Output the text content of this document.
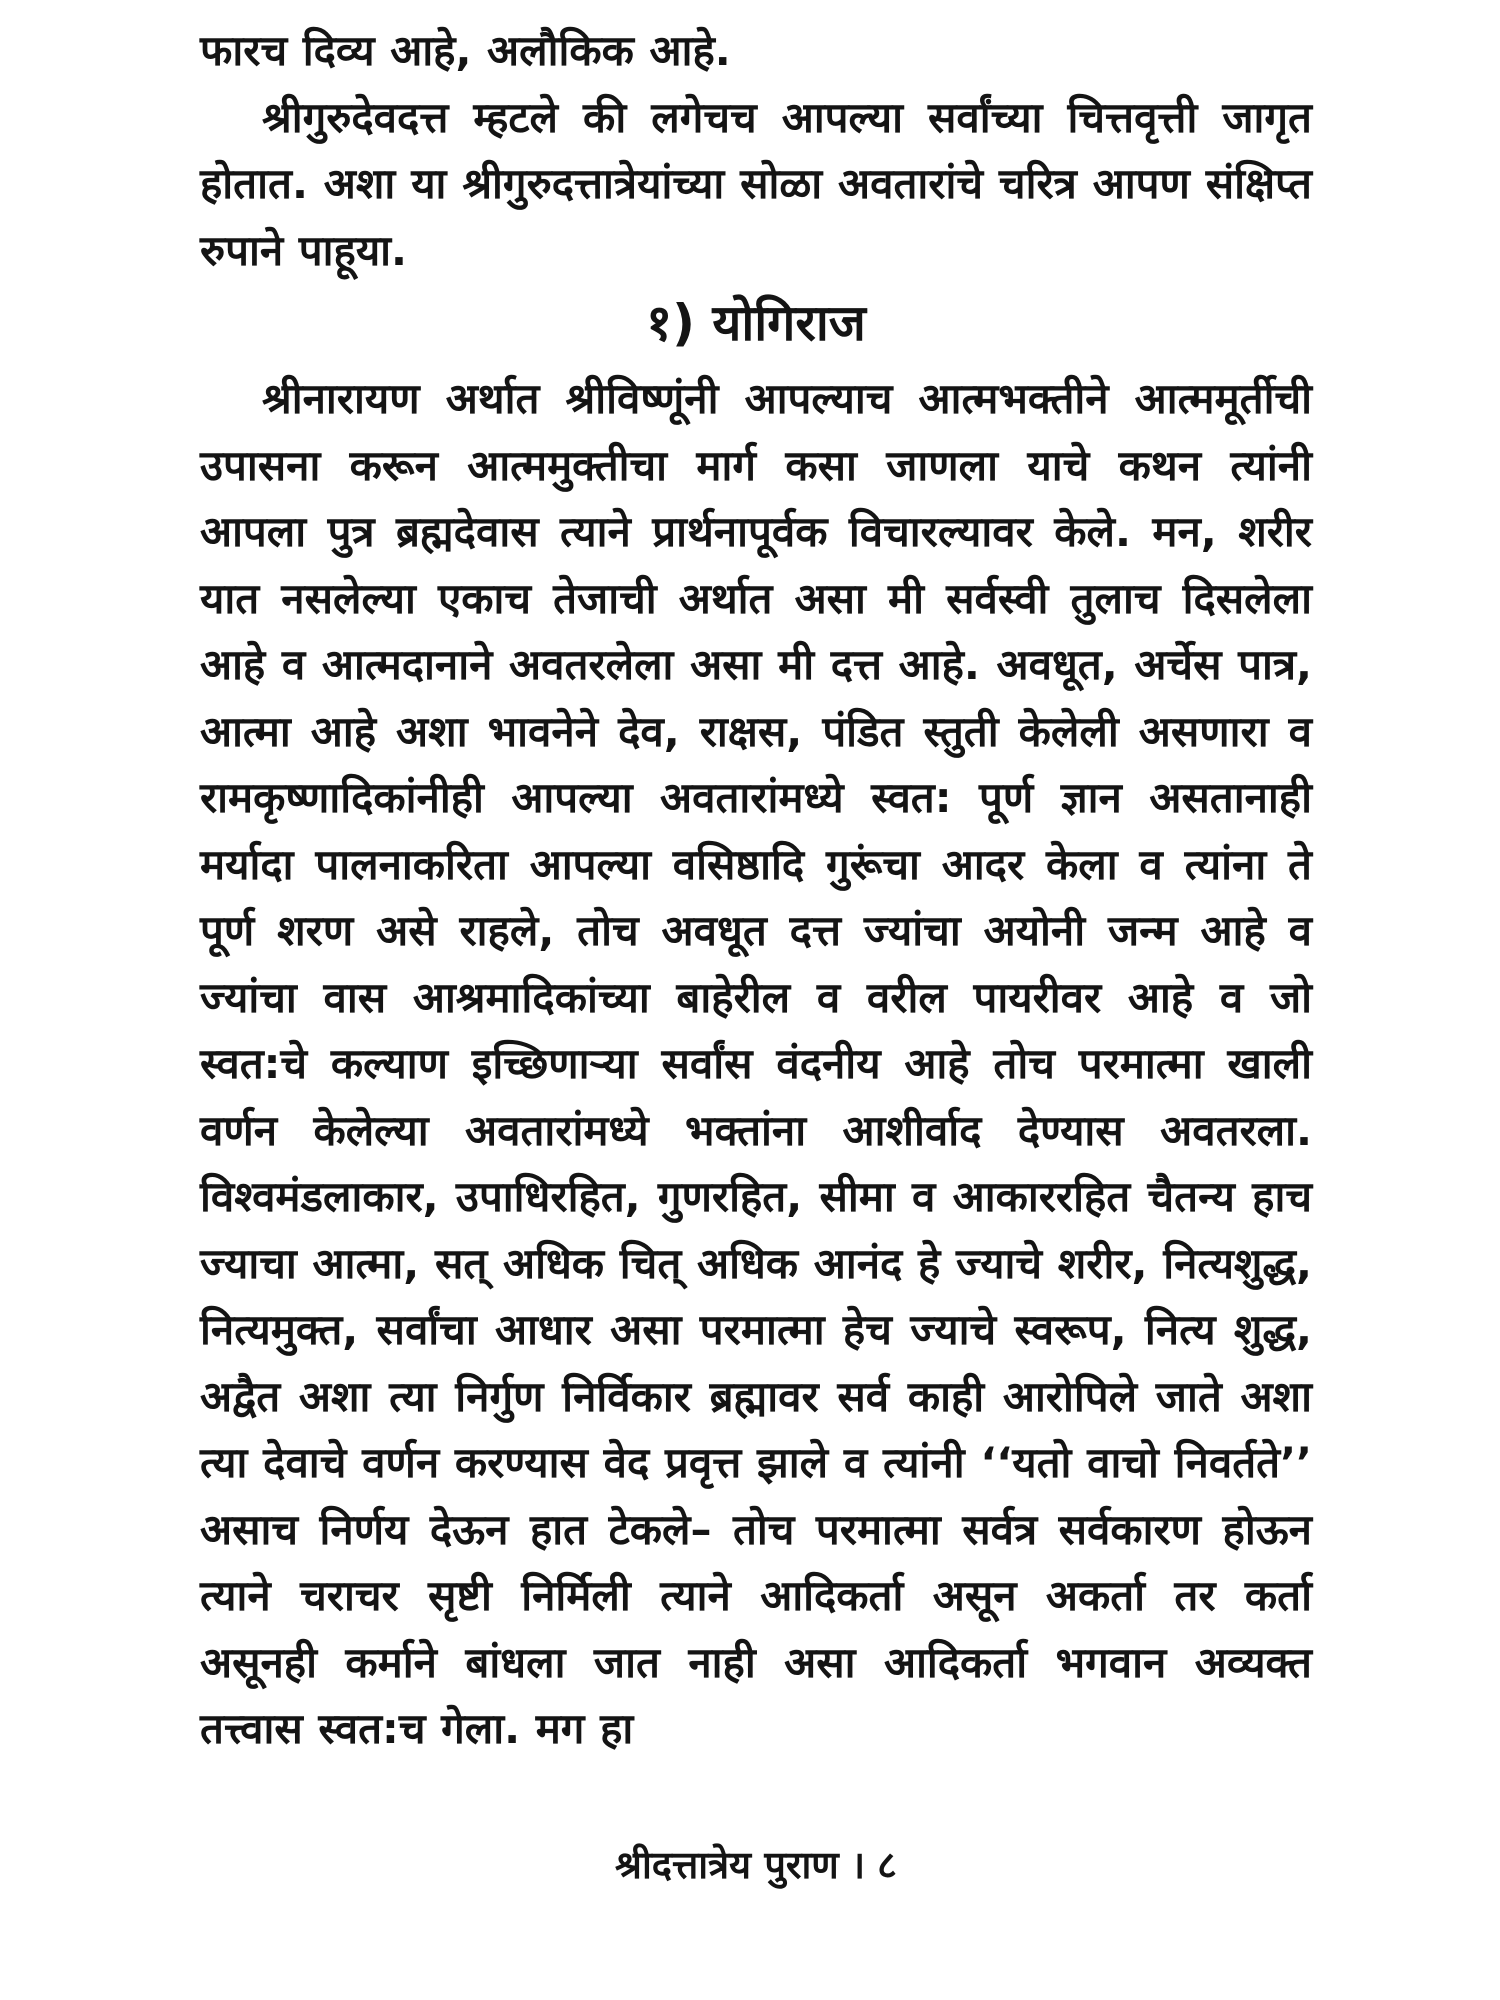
फारच दिव्य आहे, अलौकिक आहे.

श्रीगुरुदेवदत्त म्हटले की लगेचच आपल्या सर्वांच्या चित्तवृत्ती जागृत होतात. अशा या श्रीगुरुदत्तात्रेयांच्या सोळा अवतारांचे चरित्र आपण संक्षिप्त रुपाने पाहूया.

१) योगिराज

श्रीनारायण अर्थात श्रीविष्णूंनी आपल्याच आत्मभक्तीने आत्ममूर्तीची उपासना करून आत्ममुक्तीचा मार्ग कसा जाणला याचे कथन त्यांनी आपला पुत्र ब्रह्मदेवास त्याने प्रार्थनापूर्वक विचारल्यावर केले. मन, शरीर यात नसलेल्या एकाच तेजाची अर्थात असा मी सर्वस्वी तुलाच दिसलेला आहे व आत्मदानाने अवतरलेला असा मी दत्त आहे. अवधूत, अर्चेस पात्र, आत्मा आहे अशा भावनेने देव, राक्षस, पंडित स्तुती केलेली असणारा व रामकृष्णादिकांनीही आपल्या अवतारांमध्ये स्वत: पूर्ण ज्ञान असतानाही मर्यादा पालनाकरिता आपल्या वसिष्ठादि गुरूंचा आदर केला व त्यांना ते पूर्ण शरण असे राहले, तोच अवधूत दत्त ज्यांचा अयोनी जन्म आहे व ज्यांचा वास आश्रमादिकांच्या बाहेरील व वरील पायरीवर आहे व जो स्वत:चे कल्याण इच्छिणाऱ्या सर्वांस वंदनीय आहे तोच परमात्मा खाली वर्णन केलेल्या अवतारांमध्ये भक्तांना आशीर्वाद देण्यास अवतरला. विश्वमंडलाकार, उपाधिरहित, गुणरहित, सीमा व आकाररहित चैतन्य हाच ज्याचा आत्मा, सत् अधिक चित् अधिक आनंद हे ज्याचे शरीर, नित्यशुद्ध, नित्यमुक्त, सर्वांचा आधार असा परमात्मा हेच ज्याचे स्वरूप, नित्य शुद्ध, अद्वैत अशा त्या निर्गुण निर्विकार ब्रह्मावर सर्व काही आरोपिले जाते अशा त्या देवाचे वर्णन करण्यास वेद प्रवृत्त झाले व त्यांनी ‘‘यतो वाचो निवर्तते’’ असाच निर्णय देऊन हात टेकले– तोच परमात्मा सर्वत्र सर्वकारण होऊन त्याने चराचर सृष्टी निर्मिली त्याने आदिकर्ता असून अकर्ता तर कर्ता असूनही कर्माने बांधला जात नाही असा आदिकर्ता भगवान अव्यक्त तत्त्वास स्वत:च गेला. मग हा

श्रीदत्तात्रेय पुराण । ८
